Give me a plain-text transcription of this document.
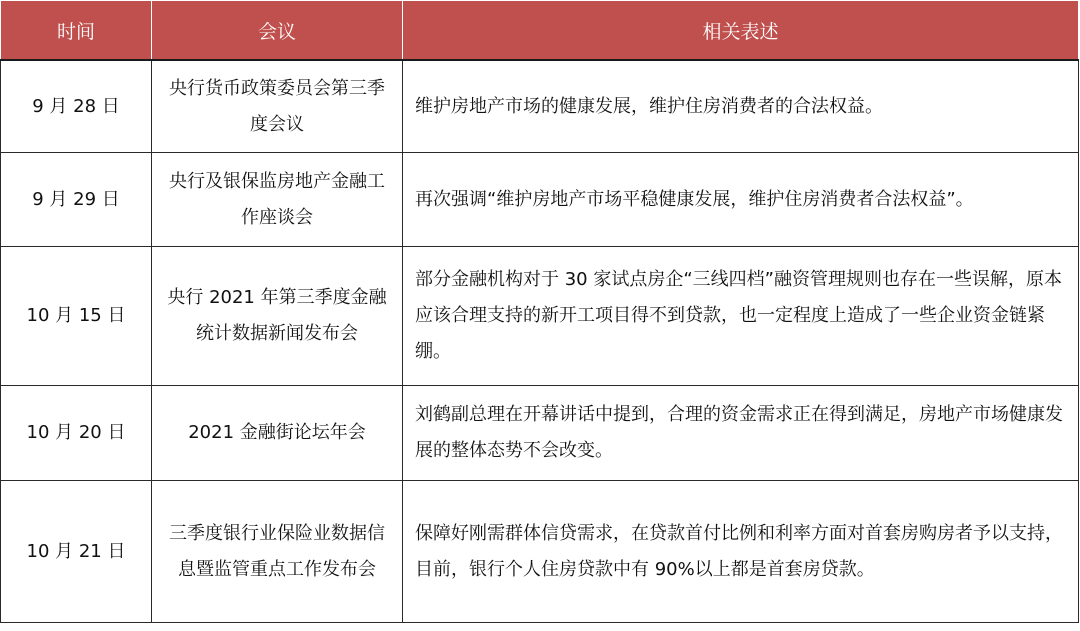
时间	会议	相关表述
9 月 28 日	央行货币政策委员会第三季度会议	维护房地产市场的健康发展，维护住房消费者的合法权益。
9 月 29 日	央行及银保监房地产金融工作座谈会	再次强调“维护房地产市场平稳健康发展，维护住房消费者合法权益”。
10 月 15 日	央行 2021 年第三季度金融统计数据新闻发布会	部分金融机构对于 30 家试点房企“三线四档”融资管理规则也存在一些误解，原本应该合理支持的新开工项目得不到贷款，也一定程度上造成了一些企业资金链紧绷。
10 月 20 日	2021 金融街论坛年会	刘鹤副总理在开幕讲话中提到，合理的资金需求正在得到满足，房地产市场健康发展的整体态势不会改变。
10 月 21 日	三季度银行业保险业数据信息暨监管重点工作发布会	保障好刚需群体信贷需求，在贷款首付比例和利率方面对首套房购房者予以支持，目前，银行个人住房贷款中有 90%以上都是首套房贷款。
